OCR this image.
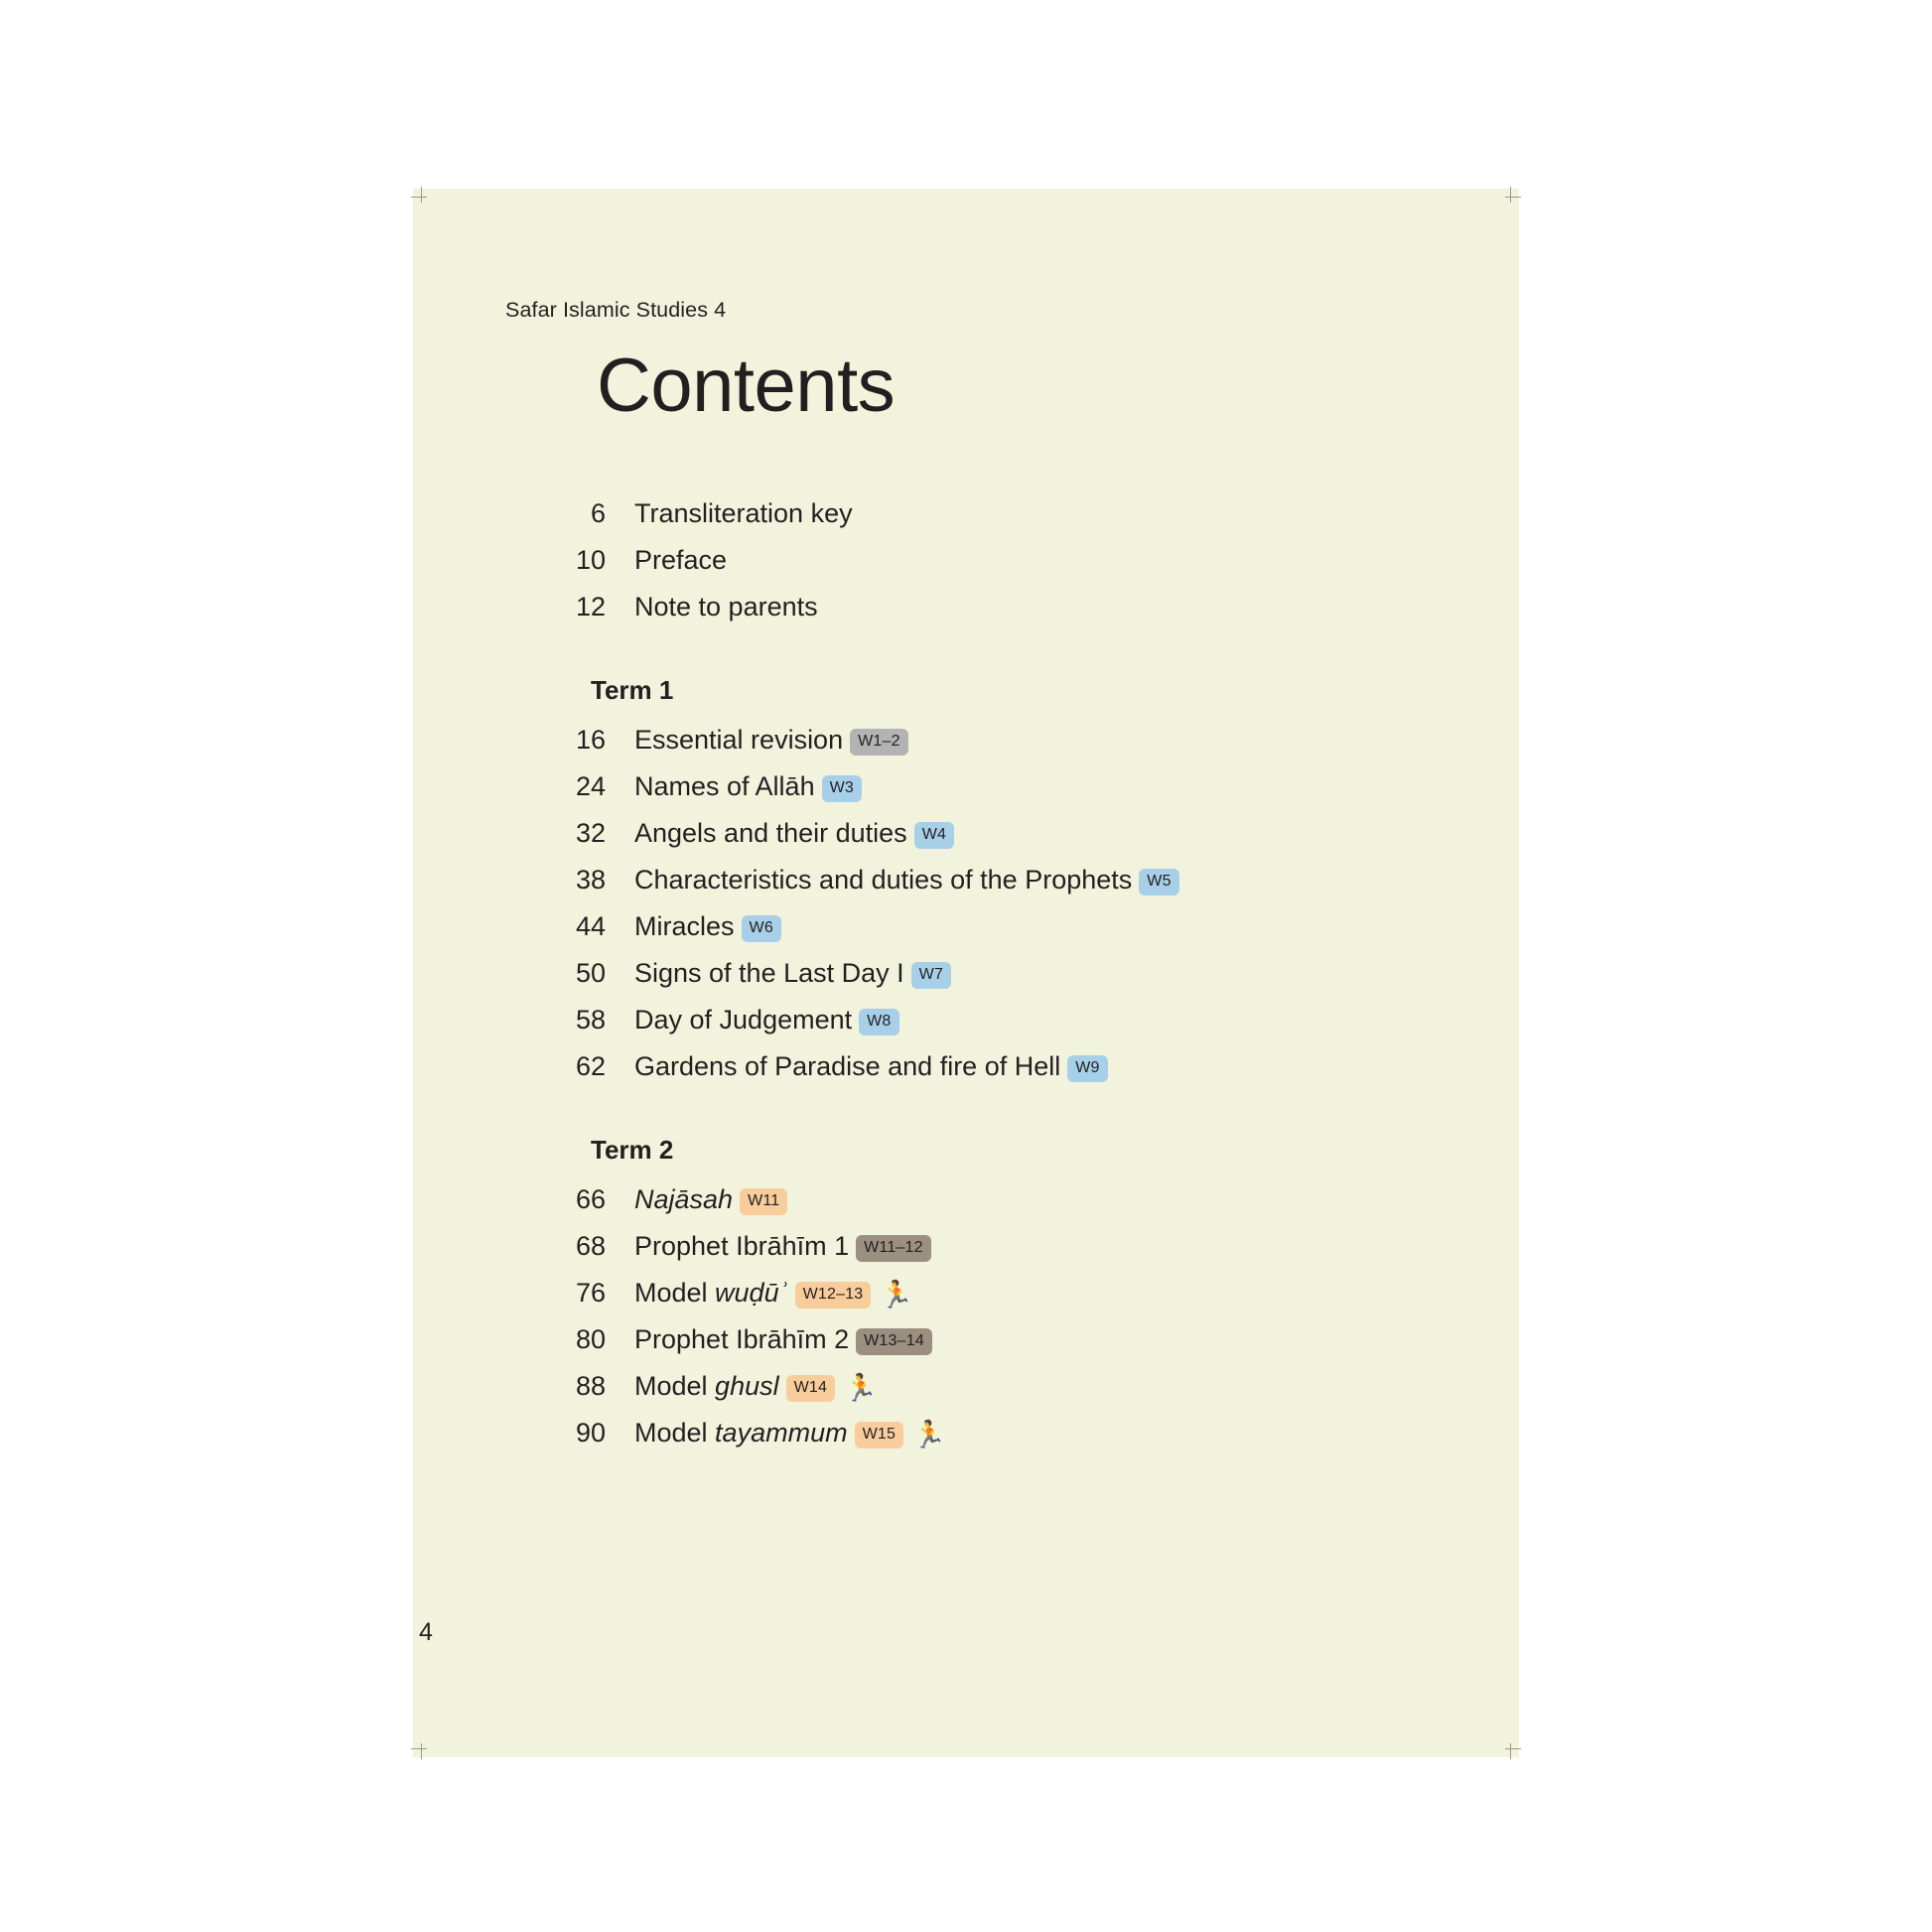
Safar Islamic Studies 4
Contents
6	Transliteration key
10	Preface
12	Note to parents
Term 1
16	Essential revision W1–2
24	Names of Allāh W3
32	Angels and their duties W4
38	Characteristics and duties of the Prophets W5
44	Miracles W6
50	Signs of the Last Day I W7
58	Day of Judgement W8
62	Gardens of Paradise and fire of Hell W9
Term 2
66	Najāsah W11
68	Prophet Ibrāhīm 1 W11–12
76	Model wuḍūʾ W12–13 🏃
80	Prophet Ibrāhīm 2 W13–14
88	Model ghusl W14 🏃
90	Model tayammum W15 🏃
4
